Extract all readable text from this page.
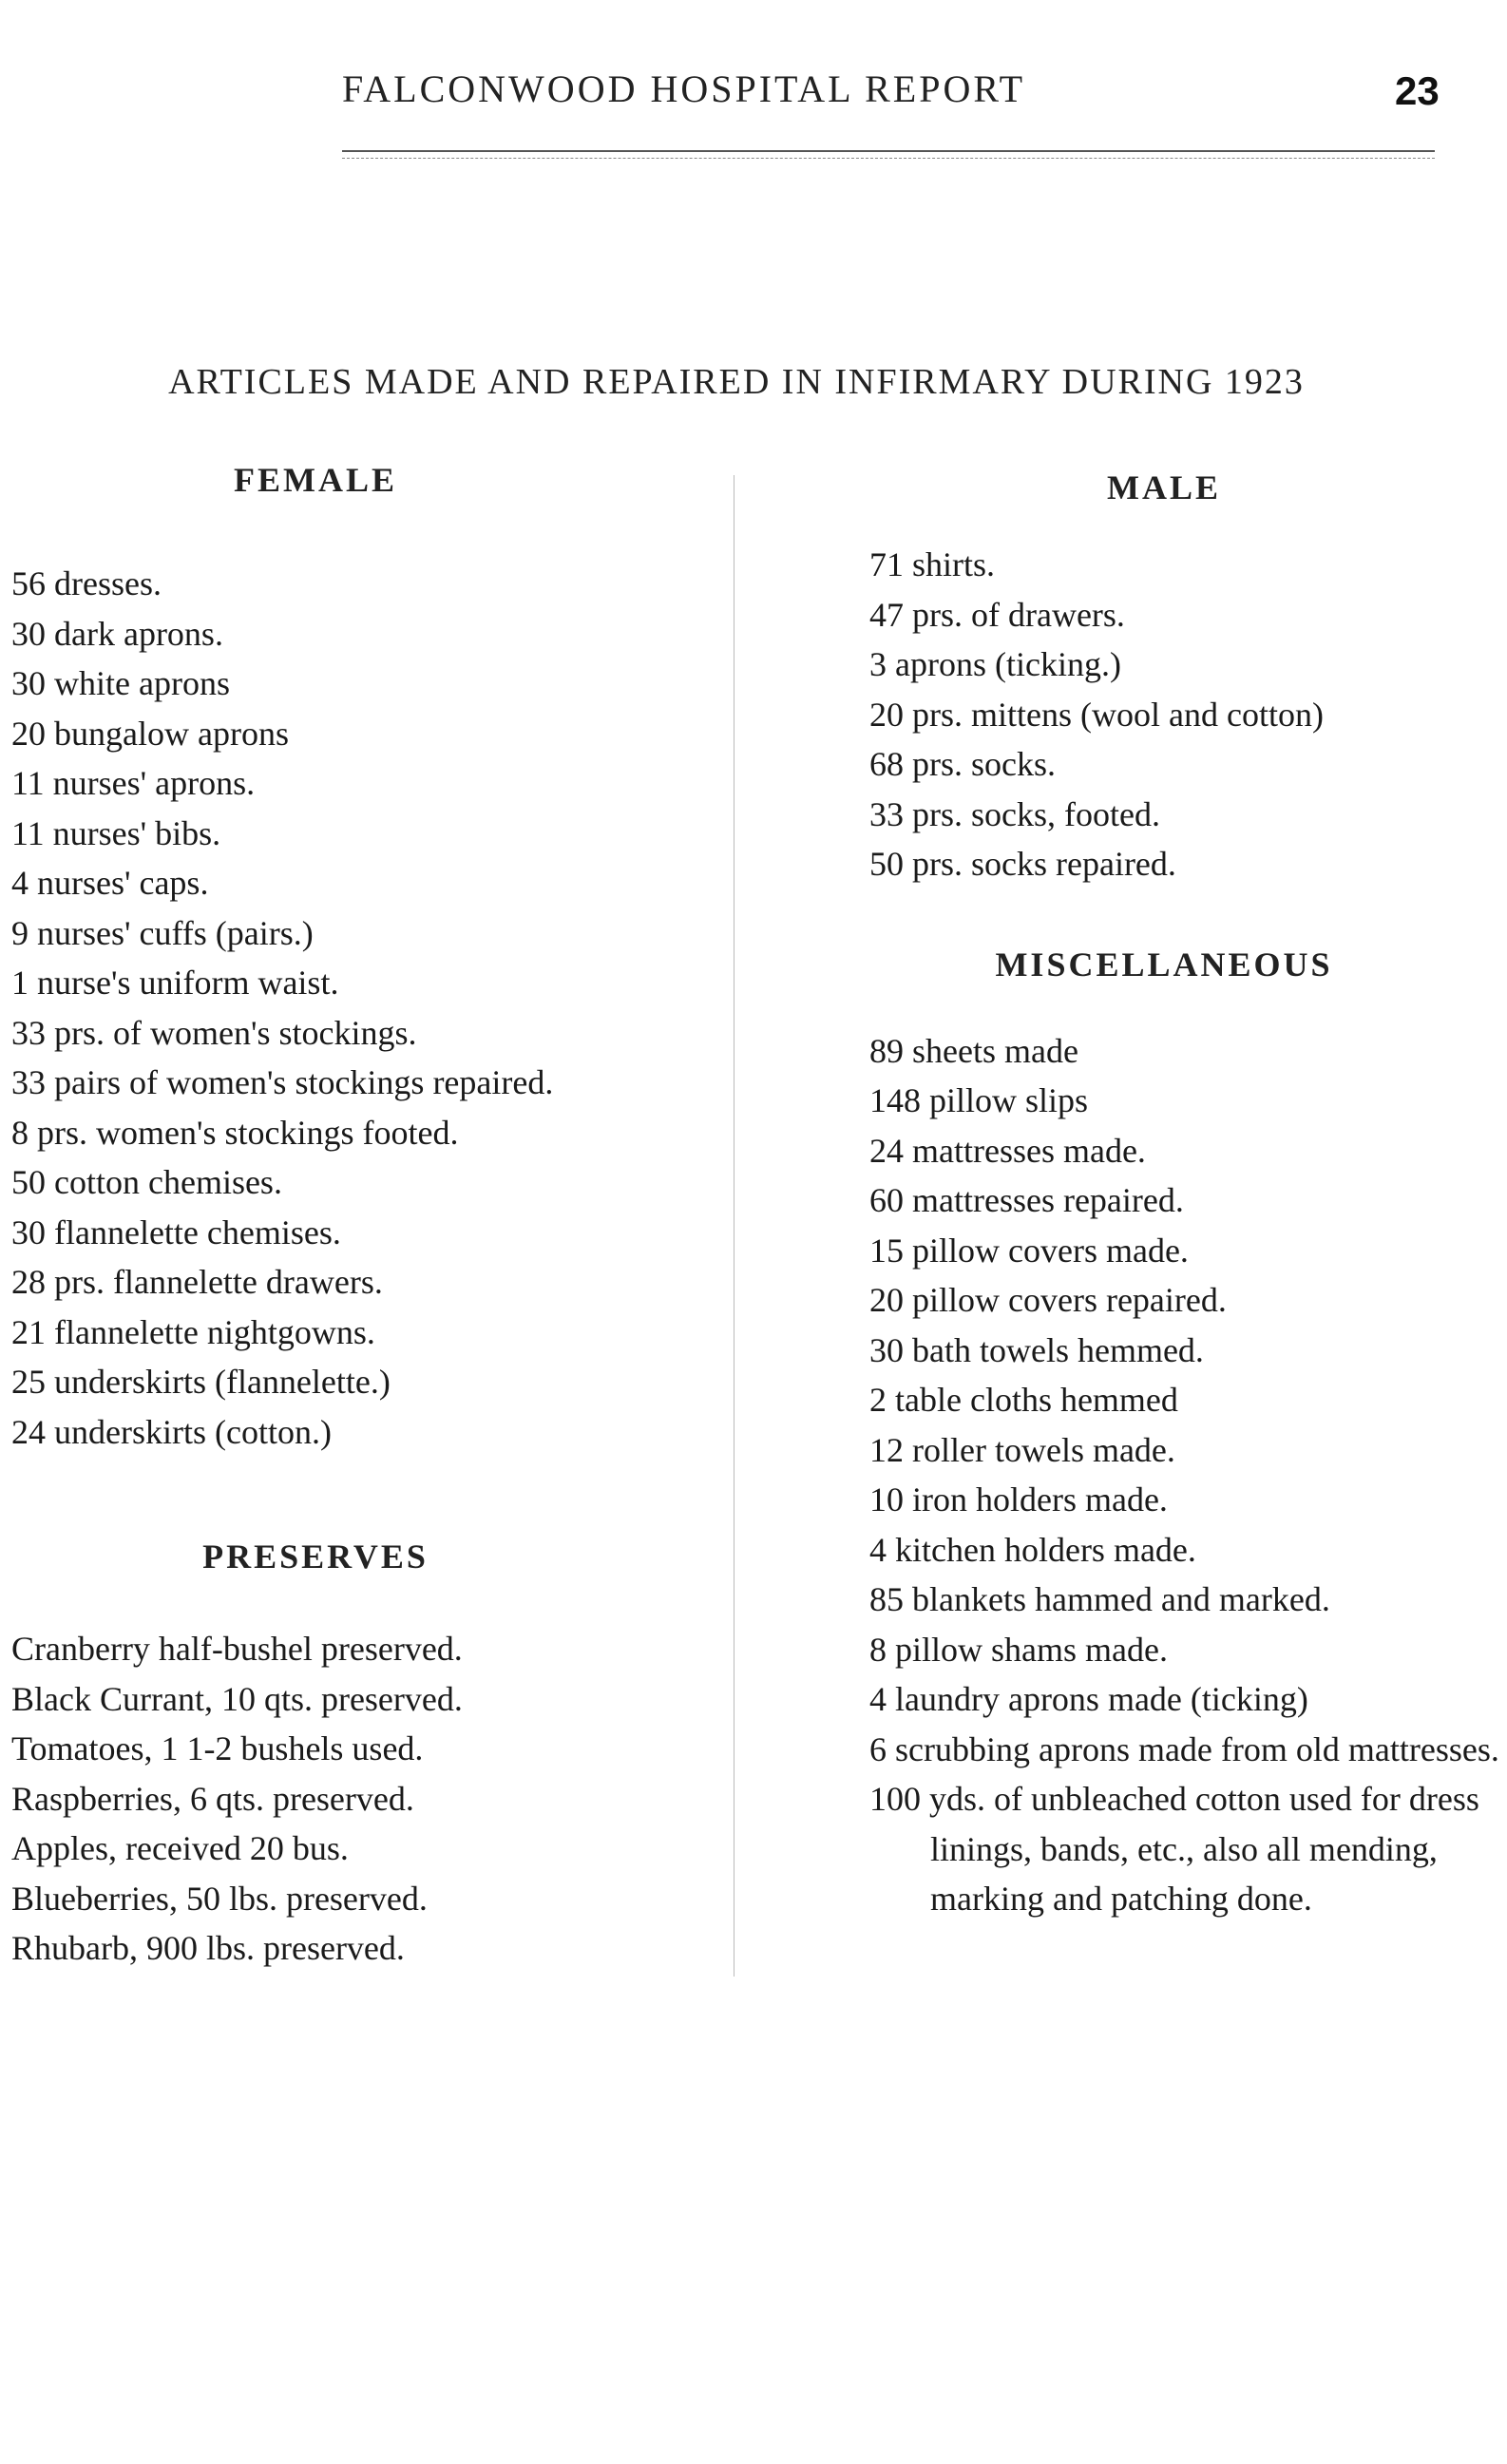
FALCONWOOD HOSPITAL REPORT	23
ARTICLES MADE AND REPAIRED IN INFIRMARY DURING 1923
FEMALE
56 dresses.
30 dark aprons.
30 white aprons
20 bungalow aprons
11 nurses' aprons.
11 nurses' bibs.
4 nurses' caps.
9 nurses' cuffs (pairs.)
1 nurse's uniform waist.
33 prs. of women's stockings.
33 pairs of women's stockings repaired.
8 prs. women's stockings footed.
50 cotton chemises.
30 flannelette chemises.
28 prs. flannelette drawers.
21 flannelette nightgowns.
25 underskirts (flannelette.)
24 underskirts (cotton.)
PRESERVES
Cranberry half-bushel preserved.
Black Currant, 10 qts. preserved.
Tomatoes, 1 1-2 bushels used.
Raspberries, 6 qts. preserved.
Apples, received 20 bus.
Blueberries, 50 lbs. preserved.
Rhubarb, 900 lbs. preserved.
MALE
71 shirts.
47 prs. of drawers.
3 aprons (ticking.)
20 prs. mittens (wool and cotton)
68 prs. socks.
33 prs. socks, footed.
50 prs. socks repaired.
MISCELLANEOUS
89 sheets made
148 pillow slips
24 mattresses made.
60 mattresses repaired.
15 pillow covers made.
20 pillow covers repaired.
30 bath towels hemmed.
2 table cloths hemmed
12 roller towels made.
10 iron holders made.
4 kitchen holders made.
85 blankets hammed and marked.
8 pillow shams made.
4 laundry aprons made (ticking)
6 scrubbing aprons made from old mattresses.
100 yds. of unbleached cotton used for dress linings, bands, etc., also all mending, marking and patching done.
